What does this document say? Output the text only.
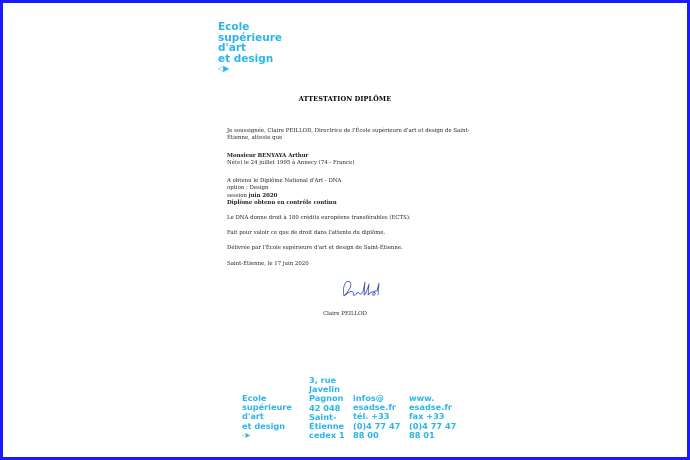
Ecole
supérieure
d'art
et design
◁▶
ATTESTATION DIPLÔME
Je soussignée, Claire PEILLOD, Directrice de l'École supérieure d'art et design de Saint-
Étienne, atteste que
Monsieur BENYAYA Arthur
Né(e) le 24 juillet 1995 à Annecy (74 - France)
A obtenu le Diplôme National d'Art - DNA
option : Design
session juin 2020
Diplôme obtenu en contrôle continu
Le DNA donne droit à 180 crédits européens transférables (ECTS).
Fait pour valoir ce que de droit dans l'attente du diplôme.
Délivrée par l'École supérieure d'art et design de Saint-Étienne.
Saint-Étienne, le 17 juin 2020
Claire PEILLOD
Ecole
supérieure
d'art
et design
◁▶
3, rue
Javelin
Pagnon
42 048
Saint-
Étienne
cedex 1
infos@
esadse.fr
tél. +33
(0)4 77 47
88 00
www.
esadse.fr
fax +33
(0)4 77 47
88 01
